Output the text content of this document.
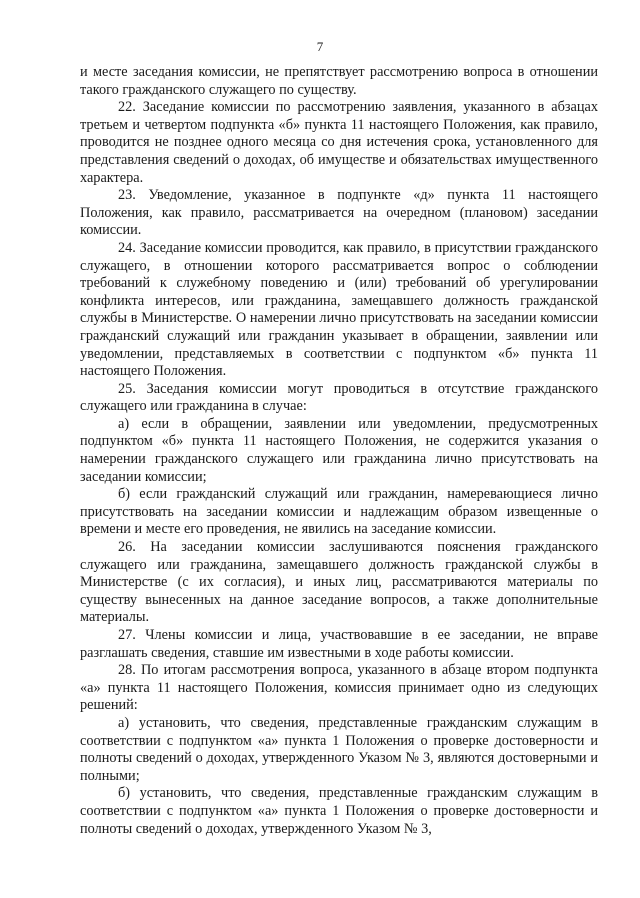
7

и месте заседания комиссии, не препятствует рассмотрению вопроса в отношении такого гражданского служащего по существу.

22. Заседание комиссии по рассмотрению заявления, указанного в абзацах третьем и четвертом подпункта «б» пункта 11 настоящего Положения, как правило, проводится не позднее одного месяца со дня истечения срока, установленного для представления сведений о доходах, об имуществе и обязательствах имущественного характера.

23. Уведомление, указанное в подпункте «д» пункта 11 настоящего Положения, как правило, рассматривается на очередном (плановом) заседании комиссии.

24. Заседание комиссии проводится, как правило, в присутствии гражданского служащего, в отношении которого рассматривается вопрос о соблюдении требований к служебному поведению и (или) требований об урегулировании конфликта интересов, или гражданина, замещавшего должность гражданской службы в Министерстве. О намерении лично присутствовать на заседании комиссии гражданский служащий или гражданин указывает в обращении, заявлении или уведомлении, представляемых в соответствии с подпунктом «б» пункта 11 настоящего Положения.

25. Заседания комиссии могут проводиться в отсутствие гражданского служащего или гражданина в случае:

а) если в обращении, заявлении или уведомлении, предусмотренных подпунктом «б» пункта 11 настоящего Положения, не содержится указания о намерении гражданского служащего или гражданина лично присутствовать на заседании комиссии;

б) если гражданский служащий или гражданин, намеревающиеся лично присутствовать на заседании комиссии и надлежащим образом извещенные о времени и месте его проведения, не явились на заседание комиссии.

26. На заседании комиссии заслушиваются пояснения гражданского служащего или гражданина, замещавшего должность гражданской службы в Министерстве (с их согласия), и иных лиц, рассматриваются материалы по существу вынесенных на данное заседание вопросов, а также дополнительные материалы.

27. Члены комиссии и лица, участвовавшие в ее заседании, не вправе разглашать сведения, ставшие им известными в ходе работы комиссии.

28. По итогам рассмотрения вопроса, указанного в абзаце втором подпункта «а» пункта 11 настоящего Положения, комиссия принимает одно из следующих решений:

а) установить, что сведения, представленные гражданским служащим в соответствии с подпунктом «а» пункта 1 Положения о проверке достоверности и полноты сведений о доходах, утвержденного Указом № 3, являются достоверными и полными;

б) установить, что сведения, представленные гражданским служащим в соответствии с подпунктом «а» пункта 1 Положения о проверке достоверности и полноты сведений о доходах, утвержденного Указом № 3,
